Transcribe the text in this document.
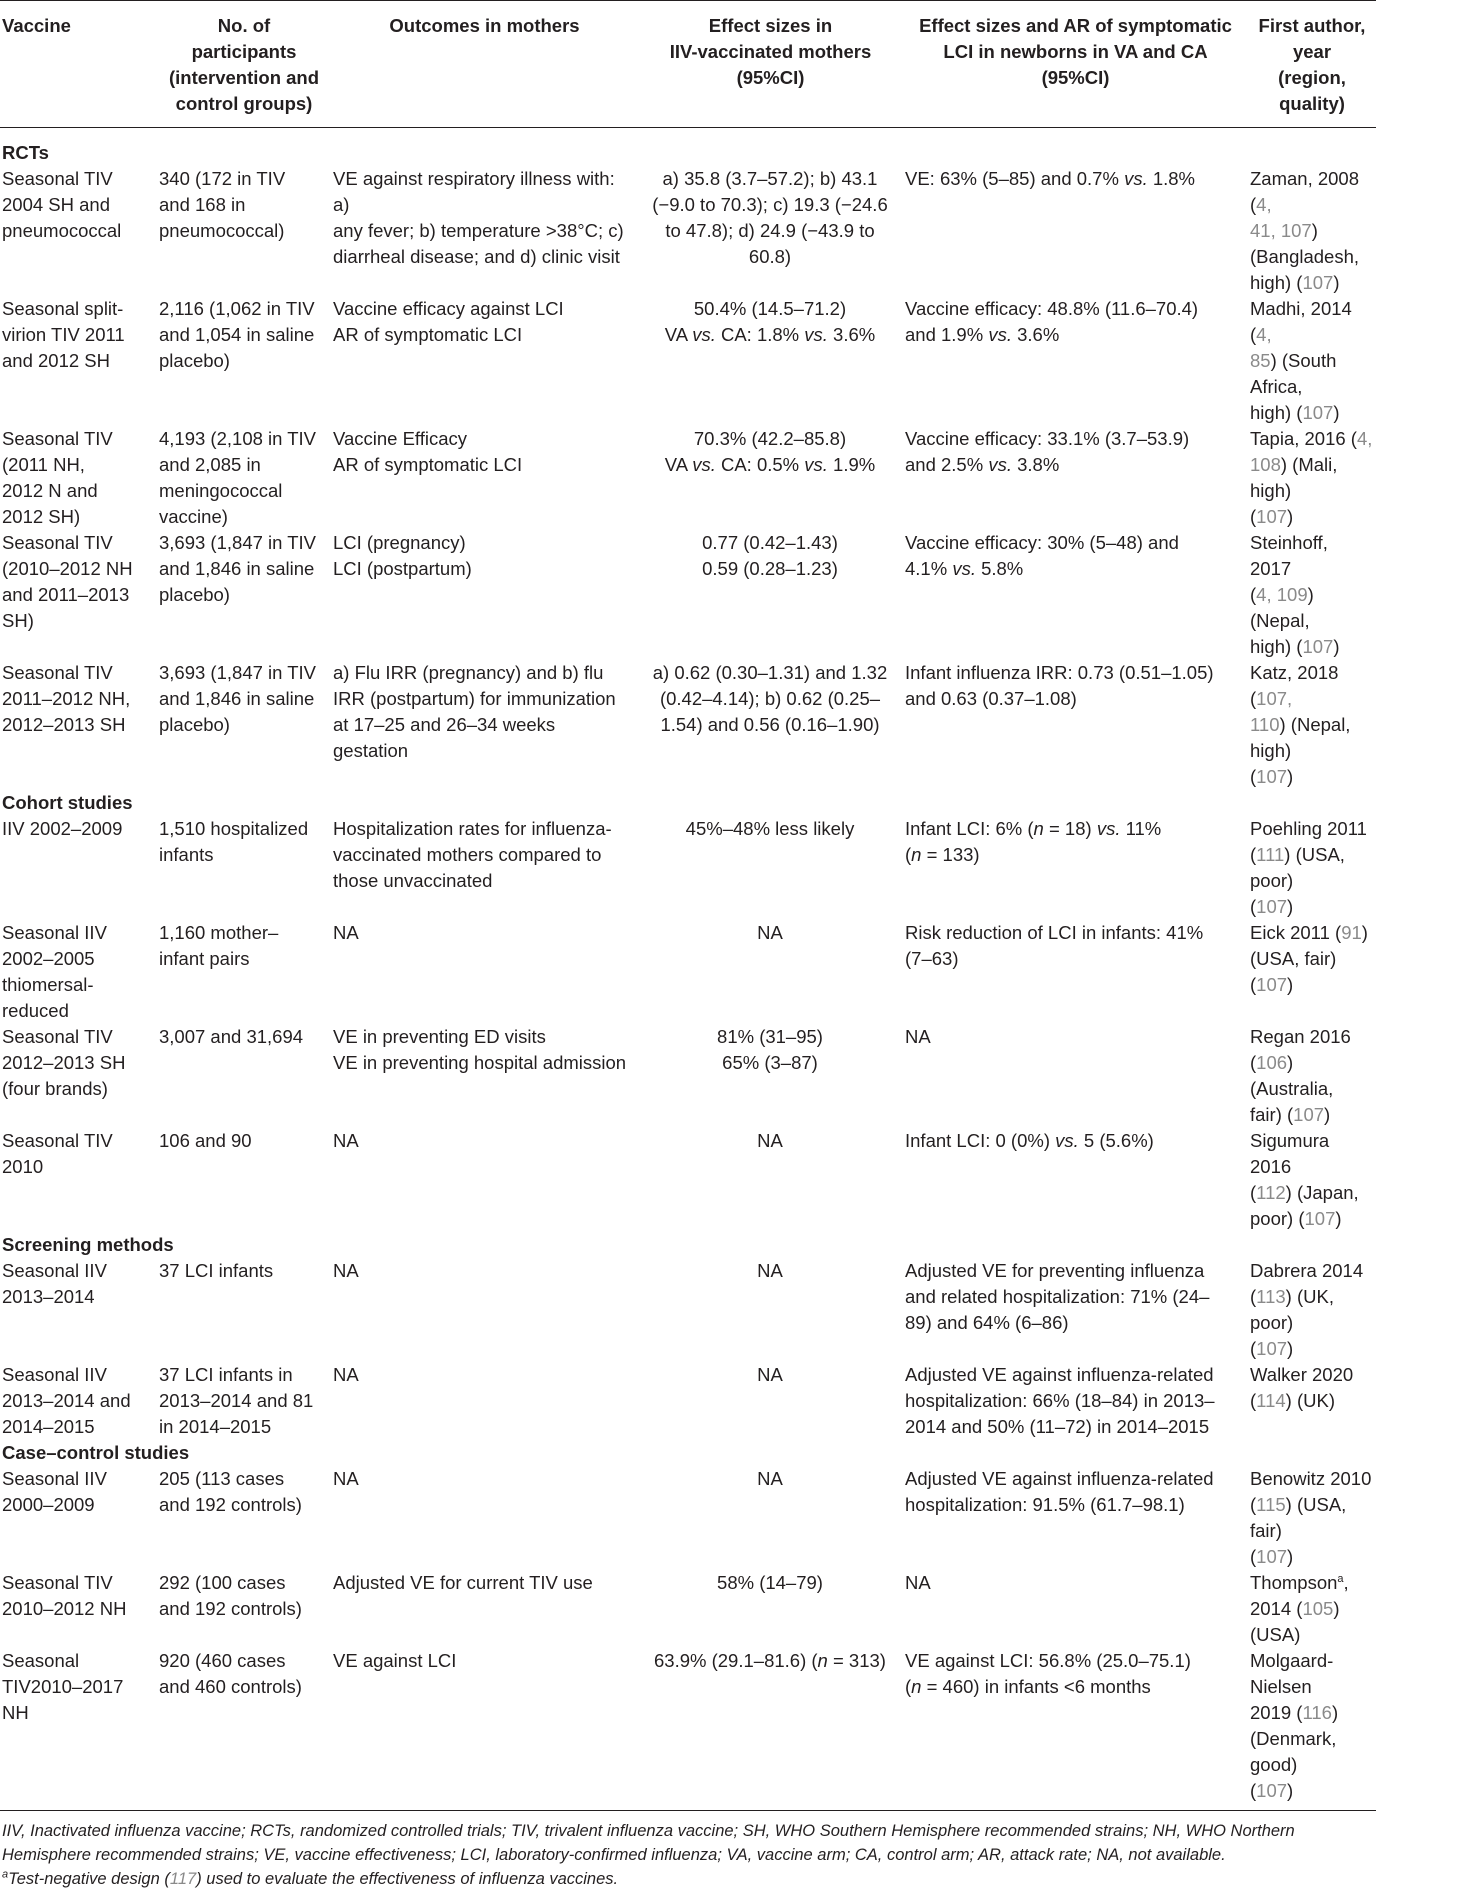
Vaccine	No. of
participants
(intervention and
control groups)	Outcomes in mothers	Effect sizes in
IIV-vaccinated mothers
(95%CI)	Effect sizes and AR of symptomatic
LCI in newborns in VA and CA
(95%CI)	First author,
year
(region, quality)

RCTs					

Seasonal TIV
2004 SH and
pneumococcal	340 (172 in TIV
and 168 in
pneumococcal)	VE against respiratory illness with: a)
any fever; b) temperature >38°C; c)
diarrheal disease; and d) clinic visit	a) 35.8 (3.7–57.2); b) 43.1
(−9.0 to 70.3); c) 19.3 (−24.6
to 47.8); d) 24.9 (−43.9 to
60.8)	VE: 63% (5–85) and 0.7% vs. 1.8%	Zaman, 2008 (4,
41, 107)
(Bangladesh,
high) (107)

Seasonal split-
virion TIV 2011
and 2012 SH	2,116 (1,062 in TIV
and 1,054 in saline
placebo)	Vaccine efficacy against LCI
AR of symptomatic LCI	50.4% (14.5–71.2)
VA vs. CA: 1.8% vs. 3.6%	Vaccine efficacy: 48.8% (11.6–70.4)
and 1.9% vs. 3.6%	Madhi, 2014 (4,
85) (South Africa,
high) (107)

Seasonal TIV
(2011 NH,
2012 N and
2012 SH)	4,193 (2,108 in TIV
and 2,085 in
meningococcal
vaccine)	Vaccine Efficacy
AR of symptomatic LCI	70.3% (42.2–85.8)
VA vs. CA: 0.5% vs. 1.9%	Vaccine efficacy: 33.1% (3.7–53.9)
and 2.5% vs. 3.8%	Tapia, 2016 (4,
108) (Mali, high)
(107)

Seasonal TIV
(2010–2012 NH
and 2011–2013
SH)	3,693 (1,847 in TIV
and 1,846 in saline
placebo)	LCI (pregnancy)
LCI (postpartum)	0.77 (0.42–1.43)
0.59 (0.28–1.23)	Vaccine efficacy: 30% (5–48) and
4.1% vs. 5.8%	Steinhoff, 2017
(4, 109) (Nepal,
high) (107)

Seasonal TIV
2011–2012 NH,
2012–2013 SH	3,693 (1,847 in TIV
and 1,846 in saline
placebo)	a) Flu IRR (pregnancy) and b) flu
IRR (postpartum) for immunization
at 17–25 and 26–34 weeks
gestation	a) 0.62 (0.30–1.31) and 1.32
(0.42–4.14); b) 0.62 (0.25–
1.54) and 0.56 (0.16–1.90)	Infant influenza IRR: 0.73 (0.51–1.05)
and 0.63 (0.37–1.08)	Katz, 2018 (107,
110) (Nepal, high)
(107)

Cohort studies					

IIV 2002–2009	1,510 hospitalized
infants	Hospitalization rates for influenza-
vaccinated mothers compared to
those unvaccinated	45%–48% less likely	Infant LCI: 6% (n = 18) vs. 11%
(n = 133)	Poehling 2011
(111) (USA, poor)
(107)

Seasonal IIV
2002–2005
thiomersal-
reduced	1,160 mother–
infant pairs	NA	NA	Risk reduction of LCI in infants: 41%
(7–63)	Eick 2011 (91)
(USA, fair) (107)

Seasonal TIV
2012–2013 SH
(four brands)	3,007 and 31,694	VE in preventing ED visits
VE in preventing hospital admission	81% (31–95)
65% (3–87)	NA	Regan 2016
(106) (Australia,
fair) (107)

Seasonal TIV
2010	106 and 90	NA	NA	Infant LCI: 0 (0%) vs. 5 (5.6%)	Sigumura 2016
(112) (Japan,
poor) (107)

Screening methods					

Seasonal IIV
2013–2014	37 LCI infants	NA	NA	Adjusted VE for preventing influenza
and related hospitalization: 71% (24–
89) and 64% (6–86)	Dabrera 2014
(113) (UK, poor)
(107)

Seasonal IIV
2013–2014 and
2014–2015	37 LCI infants in
2013–2014 and 81
in 2014–2015	NA	NA	Adjusted VE against influenza-related
hospitalization: 66% (18–84) in 2013–
2014 and 50% (11–72) in 2014–2015	Walker 2020
(114) (UK)

Case–control studies					

Seasonal IIV
2000–2009	205 (113 cases
and 192 controls)	NA	NA	Adjusted VE against influenza-related
hospitalization: 91.5% (61.7–98.1)	Benowitz 2010
(115) (USA, fair)
(107)

Seasonal TIV
2010–2012 NH	292 (100 cases
and 192 controls)	Adjusted VE for current TIV use	58% (14–79)	NA	Thompson$^a$,
2014 (105) (USA)

Seasonal
TIV2010–2017
NH	920 (460 cases
and 460 controls)	VE against LCI	63.9% (29.1–81.6) (n = 313)	VE against LCI: 56.8% (25.0–75.1)
(n = 460) in infants <6 months	Molgaard-Nielsen
2019 (116)
(Denmark, good)
(107)
IIV, Inactivated influenza vaccine; RCTs, randomized controlled trials; TIV, trivalent influenza vaccine; SH, WHO Southern Hemisphere recommended strains; NH, WHO Northern
Hemisphere recommended strains; VE, vaccine effectiveness; LCI, laboratory-confirmed influenza; VA, vaccine arm; CA, control arm; AR, attack rate; NA, not available.
$^a$Test-negative design (117) used to evaluate the effectiveness of influenza vaccines.
